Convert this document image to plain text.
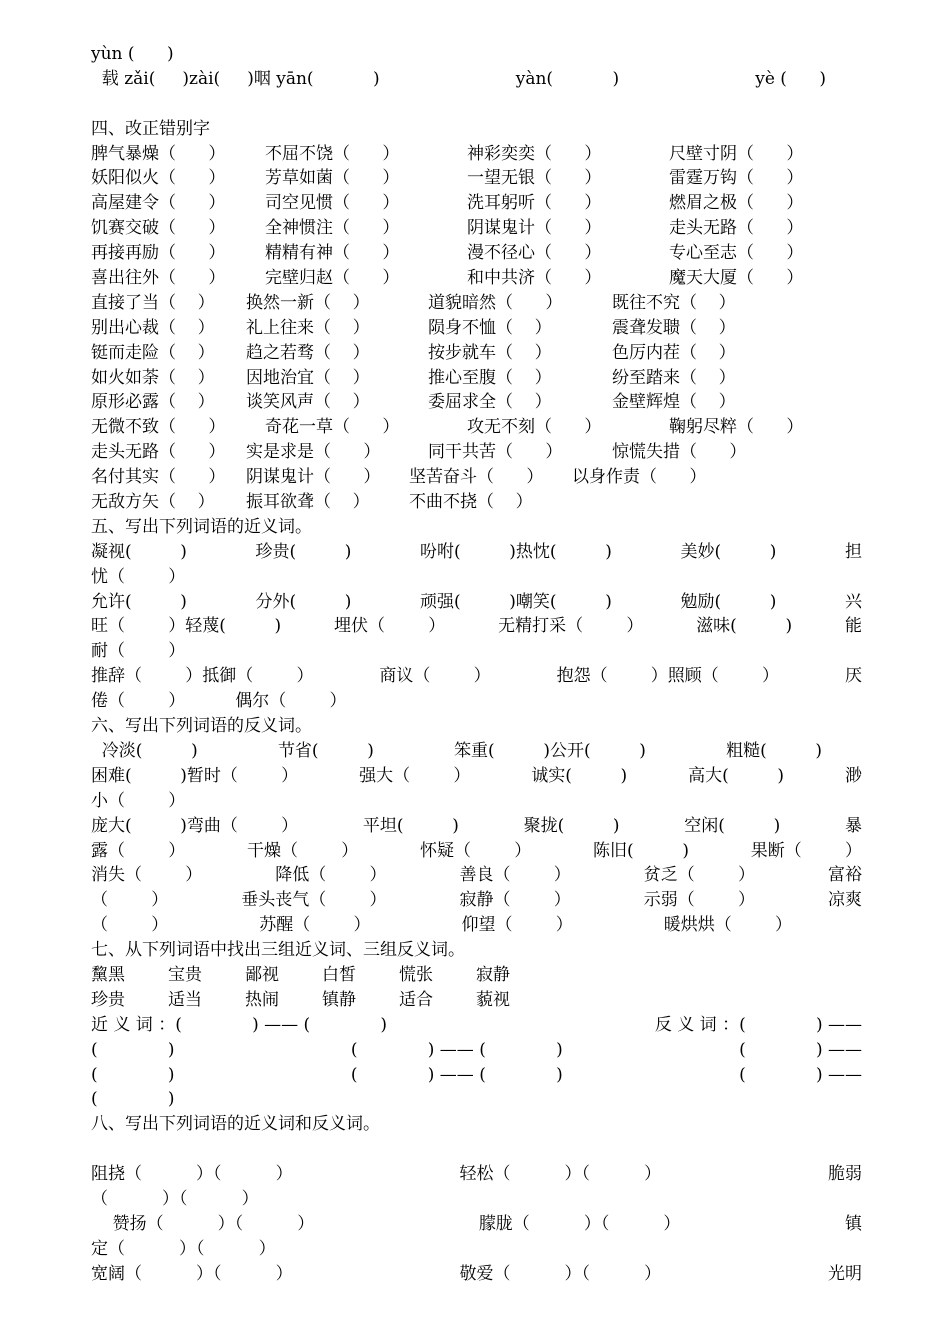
yùn (      )
载 zǎi(     )zài(     )咽 yān(           )	yàn(           )	yè (      )

四、改正错别字
脾气暴燥（      ）	不屈不饶（      ）	神彩奕奕（      ）	尺壁寸阴（      ）
妖阳似火（      ）	芳草如菌（      ）	一望无银（      ）	雷霆万钩（      ）
高屋建令（      ）	司空见惯（      ）	洗耳躬听（      ）	燃眉之极（      ）
饥赛交破（      ）	全神惯注（      ）	阴谋鬼计（      ）	走头无路（      ）
再接再励（      ）	精精有神（      ）	漫不径心（      ）	专心至志（      ）
喜出往外（      ）	完壁归赵（      ）	和中共济（      ）	魔天大厦（      ）
直接了当（    ）	换然一新（    ）	道貌暗然（      ）	既往不究（    ）
别出心裁（    ）	礼上往来（    ）	陨身不恤（    ）	震聋发聩（    ）
铤而走险（    ）	趋之若骛（    ）	按步就车（    ）	色厉内茬（    ）
如火如荼（    ）	因地治宜（    ）	推心至腹（    ）	纷至踏来（    ）
原形必露（    ）	谈笑风声（    ）	委屈求全（    ）	金壁辉煌（    ）
无微不致（      ）	奇花一草（      ）	攻无不刻（      ）	鞠躬尽粹（      ）
走头无路（      ）	实是求是（      ）	同干共苦（      ）	惊慌失措（      ）
名付其实（      ）	阴谋鬼计（      ）	坚苦奋斗（      ）	以身作责（      ）
无敌方矢（    ）	振耳欲聋（    ）	不曲不挠（    ）
五、写出下列词语的近义词。
凝视(         )	珍贵(         )	吩咐(         )热忱(         )	美妙(         )	担
忧（        ）
允许(         )	分外(         )	顽强(         )嘲笑(         )	勉励(         )	兴
旺（        ）轻蔑(         )	埋伏（        ）	无精打采（        ）	滋味(         )	能
耐（        ）
推辞（        ）抵御（        ）	商议（        ）	抱怨（        ）照顾（        ）	厌
倦（        ）	偶尔（        ）
六、写出下列词语的反义词。
冷淡(         )	节省(         )	笨重(         )公开(         )	粗糙(         )
困难(         )暂时（        ）	强大（        ）	诚实(         )	高大(         )	渺
小（        ）
庞大(         )弯曲（        ）	平坦(         )	聚拢(         )	空闲(         )	暴
露（        ）	干燥（        ）	怀疑（        ）	陈旧(         )	果断（        ）
消失（        ）	降低（        ）	善良（        ）	贫乏（        ）	富裕
（        ）	垂头丧气（        ）	寂静（        ）	示弱（        ）	凉爽
（        ）	苏醒（        ）	仰望（        ）	暖烘烘（        ）
七、从下列词语中找出三组近义词、三组反义词。
黧黑	宝贵	鄙视	白皙	慌张	寂静
珍贵	适当	热闹	镇静	适合	藐视
近 义 词 ：(             ) —— (             )	反 义 词 ：(             ) ——
(             )	(             ) —— (             )	(             ) ——
(             )	(             ) —— (             )	(             ) ——
(             )
八、写出下列词语的近义词和反义词。

阻挠（          ）（          ）	轻松（          ）（          ）	脆弱
（          ）（          ）
赞扬（          ）（          ）	朦胧（          ）（          ）	镇
定（          ）（          ）
宽阔（          ）（          ）	敬爱（          ）（          ）	光明
